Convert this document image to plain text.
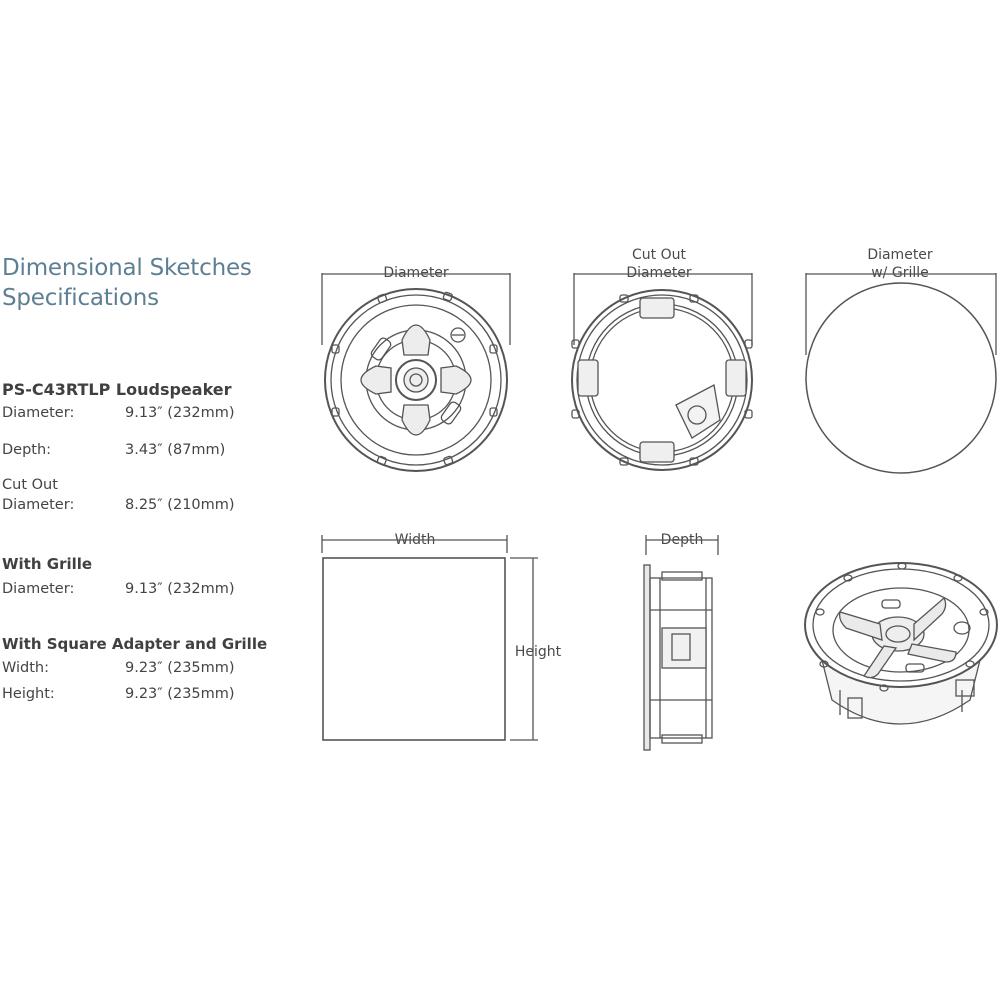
Dimensional Sketches
Specifications
PS-C43RTLP Loudspeaker
Diameter:	9.13″ (232mm)
Depth:	3.43″ (87mm)
Cut Out
Diameter:	8.25″ (210mm)
With Grille
Diameter:	9.13″ (232mm)
With Square Adapter and Grille
Width:	9.23″ (235mm)
Height:	9.23″ (235mm)
Diameter
Cut Out
Diameter
Diameter
w/ Grille
Width
Height
Depth
